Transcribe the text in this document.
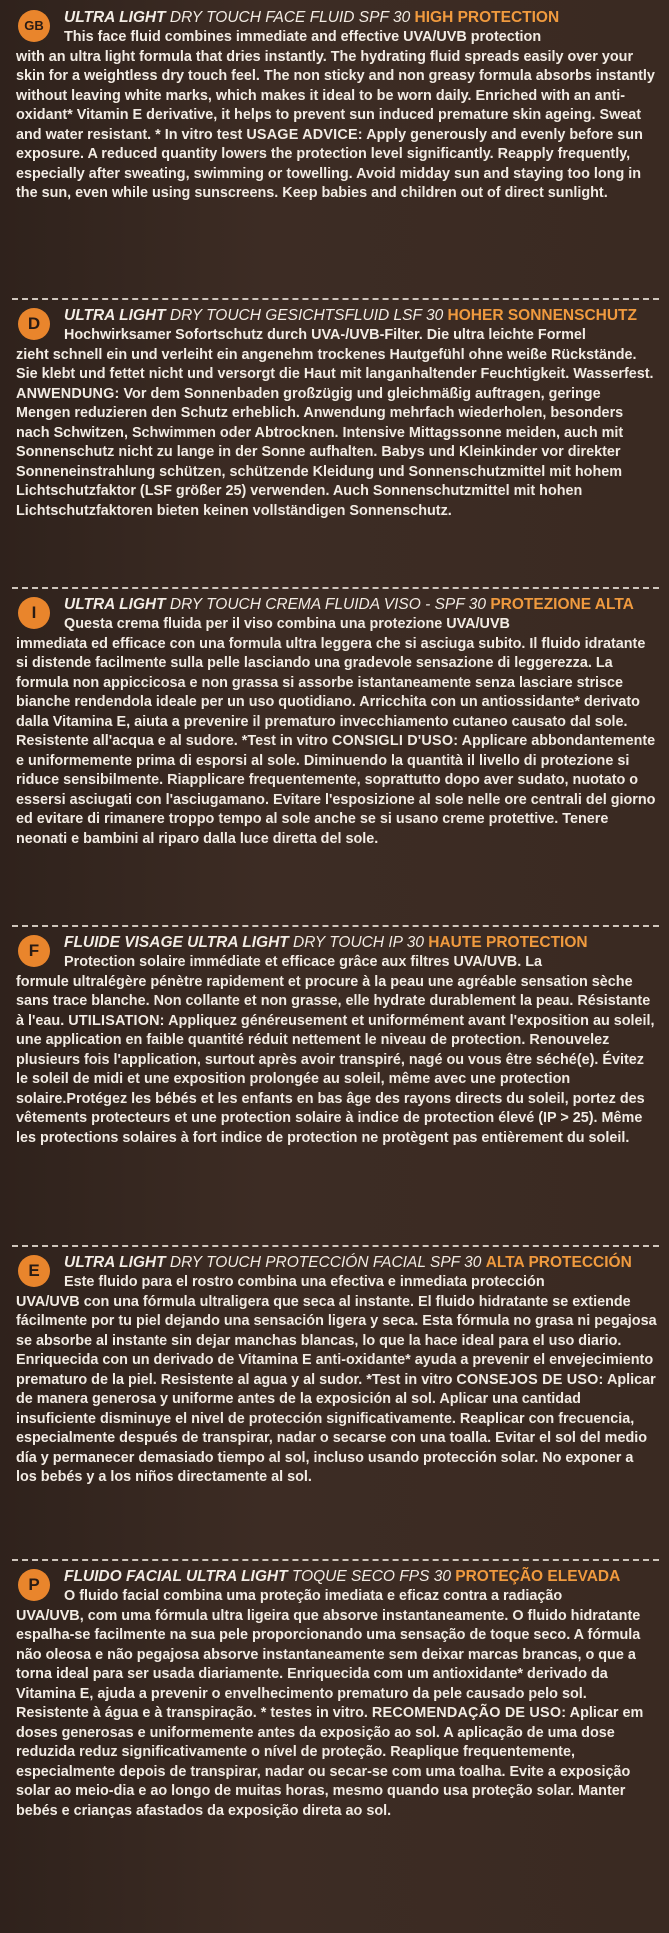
GB	ULTRA LIGHT DRY TOUCH FACE FLUID SPF 30 HIGH PROTECTION
This face fluid combines immediate and effective UVA/UVB protection
with an ultra light formula that dries instantly. The hydrating fluid spreads easily over your skin for a weightless dry touch feel. The non sticky and non greasy formula absorbs instantly without leaving white marks, which makes it ideal to be worn daily. Enriched with an anti-oxidant* Vitamin E derivative, it helps to prevent sun induced premature skin ageing. Sweat and water resistant. * In vitro test USAGE ADVICE: Apply generously and evenly before sun exposure. A reduced quantity lowers the protection level significantly. Reapply frequently, especially after sweating, swimming or towelling. Avoid midday sun and staying too long in the sun, even while using sunscreens. Keep babies and children out of direct sunlight.
D	ULTRA LIGHT DRY TOUCH GESICHTSFLUID LSF 30 HOHER SONNENSCHUTZ
Hochwirksamer Sofortschutz durch UVA-/UVB-Filter. Die ultra leichte Formel
zieht schnell ein und verleiht ein angenehm trockenes Hautgefühl ohne weiße Rückstände. Sie klebt und fettet nicht und versorgt die Haut mit langanhaltender Feuchtigkeit. Wasserfest. ANWENDUNG: Vor dem Sonnenbaden großzügig und gleichmäßig auftragen, geringe Mengen reduzieren den Schutz erheblich. Anwendung mehrfach wiederholen, besonders nach Schwitzen, Schwimmen oder Abtrocknen. Intensive Mittagssonne meiden, auch mit Sonnenschutz nicht zu lange in der Sonne aufhalten. Babys und Kleinkinder vor direkter Sonneneinstrahlung schützen, schützende Kleidung und Sonnenschutzmittel mit hohem Lichtschutzfaktor (LSF größer 25) verwenden. Auch Sonnenschutzmittel mit hohen Lichtschutzfaktoren bieten keinen vollständigen Sonnenschutz.
I	ULTRA LIGHT DRY TOUCH CREMA FLUIDA VISO - SPF 30 PROTEZIONE ALTA
Questa crema fluida per il viso combina una protezione UVA/UVB
immediata ed efficace con una formula ultra leggera che si asciuga subito. Il fluido idratante si distende facilmente sulla pelle lasciando una gradevole sensazione di leggerezza. La formula non appiccicosa e non grassa si assorbe istantaneamente senza lasciare strisce bianche rendendola ideale per un uso quotidiano. Arricchita con un antiossidante* derivato dalla Vitamina E, aiuta a prevenire il prematuro invecchiamento cutaneo causato dal sole. Resistente all'acqua e al sudore. *Test in vitro CONSIGLI D'USO: Applicare abbondantemente e uniformemente prima di esporsi al sole. Diminuendo la quantità il livello di protezione si riduce sensibilmente. Riapplicare frequentemente, soprattutto dopo aver sudato, nuotato o essersi asciugati con l'asciugamano. Evitare l'esposizione al sole nelle ore centrali del giorno ed evitare di rimanere troppo tempo al sole anche se si usano creme protettive. Tenere neonati e bambini al riparo dalla luce diretta del sole.
F	FLUIDE VISAGE ULTRA LIGHT DRY TOUCH IP 30 HAUTE PROTECTION
Protection solaire immédiate et efficace grâce aux filtres UVA/UVB. La
formule ultralégère pénètre rapidement et procure à la peau une agréable sensation sèche sans trace blanche. Non collante et non grasse, elle hydrate durablement la peau. Résistante à l'eau. UTILISATION: Appliquez généreusement et uniformément avant l'exposition au soleil, une application en faible quantité réduit nettement le niveau de protection. Renouvelez plusieurs fois l'application, surtout après avoir transpiré, nagé ou vous être séché(e). Évitez le soleil de midi et une exposition prolongée au soleil, même avec une protection solaire.Protégez les bébés et les enfants en bas âge des rayons directs du soleil, portez des vêtements protecteurs et une protection solaire à indice de protection élevé (IP > 25). Même les protections solaires à fort indice de protection ne protègent pas entièrement du soleil.
E	ULTRA LIGHT DRY TOUCH PROTECCIÓN FACIAL SPF 30 ALTA PROTECCIÓN
Este fluido para el rostro combina una efectiva e inmediata protección
UVA/UVB con una fórmula ultraligera que seca al instante. El fluido hidratante se extiende fácilmente por tu piel dejando una sensación ligera y seca. Esta fórmula no grasa ni pegajosa se absorbe al instante sin dejar manchas blancas, lo que la hace ideal para el uso diario. Enriquecida con un derivado de Vitamina E anti-oxidante* ayuda a prevenir el envejecimiento prematuro de la piel. Resistente al agua y al sudor. *Test in vitro CONSEJOS DE USO: Aplicar de manera generosa y uniforme antes de la exposición al sol. Aplicar una cantidad insuficiente disminuye el nivel de protección significativamente. Reaplicar con frecuencia, especialmente después de transpirar, nadar o secarse con una toalla. Evitar el sol del medio día y permanecer demasiado tiempo al sol, incluso usando protección solar. No exponer a los bebés y a los niños directamente al sol.
P	FLUIDO FACIAL ULTRA LIGHT TOQUE SECO FPS 30 PROTEÇÃO ELEVADA
O fluido facial combina uma proteção imediata e eficaz contra a radiação
UVA/UVB, com uma fórmula ultra ligeira que absorve instantaneamente. O fluido hidratante espalha-se facilmente na sua pele proporcionando uma sensação de toque seco. A fórmula não oleosa e não pegajosa absorve instantaneamente sem deixar marcas brancas, o que a torna ideal para ser usada diariamente. Enriquecida com um antioxidante* derivado da Vitamina E, ajuda a prevenir o envelhecimento prematuro da pele causado pelo sol. Resistente à água e à transpiração. * testes in vitro. RECOMENDAÇÃO DE USO: Aplicar em doses generosas e uniformemente antes da exposição ao sol. A aplicação de uma dose reduzida reduz significativamente o nível de proteção. Reaplique frequentemente, especialmente depois de transpirar, nadar ou secar-se com uma toalha. Evite a exposição solar ao meio-dia e ao longo de muitas horas, mesmo quando usa proteção solar. Manter bebés e crianças afastados da exposição direta ao sol.
